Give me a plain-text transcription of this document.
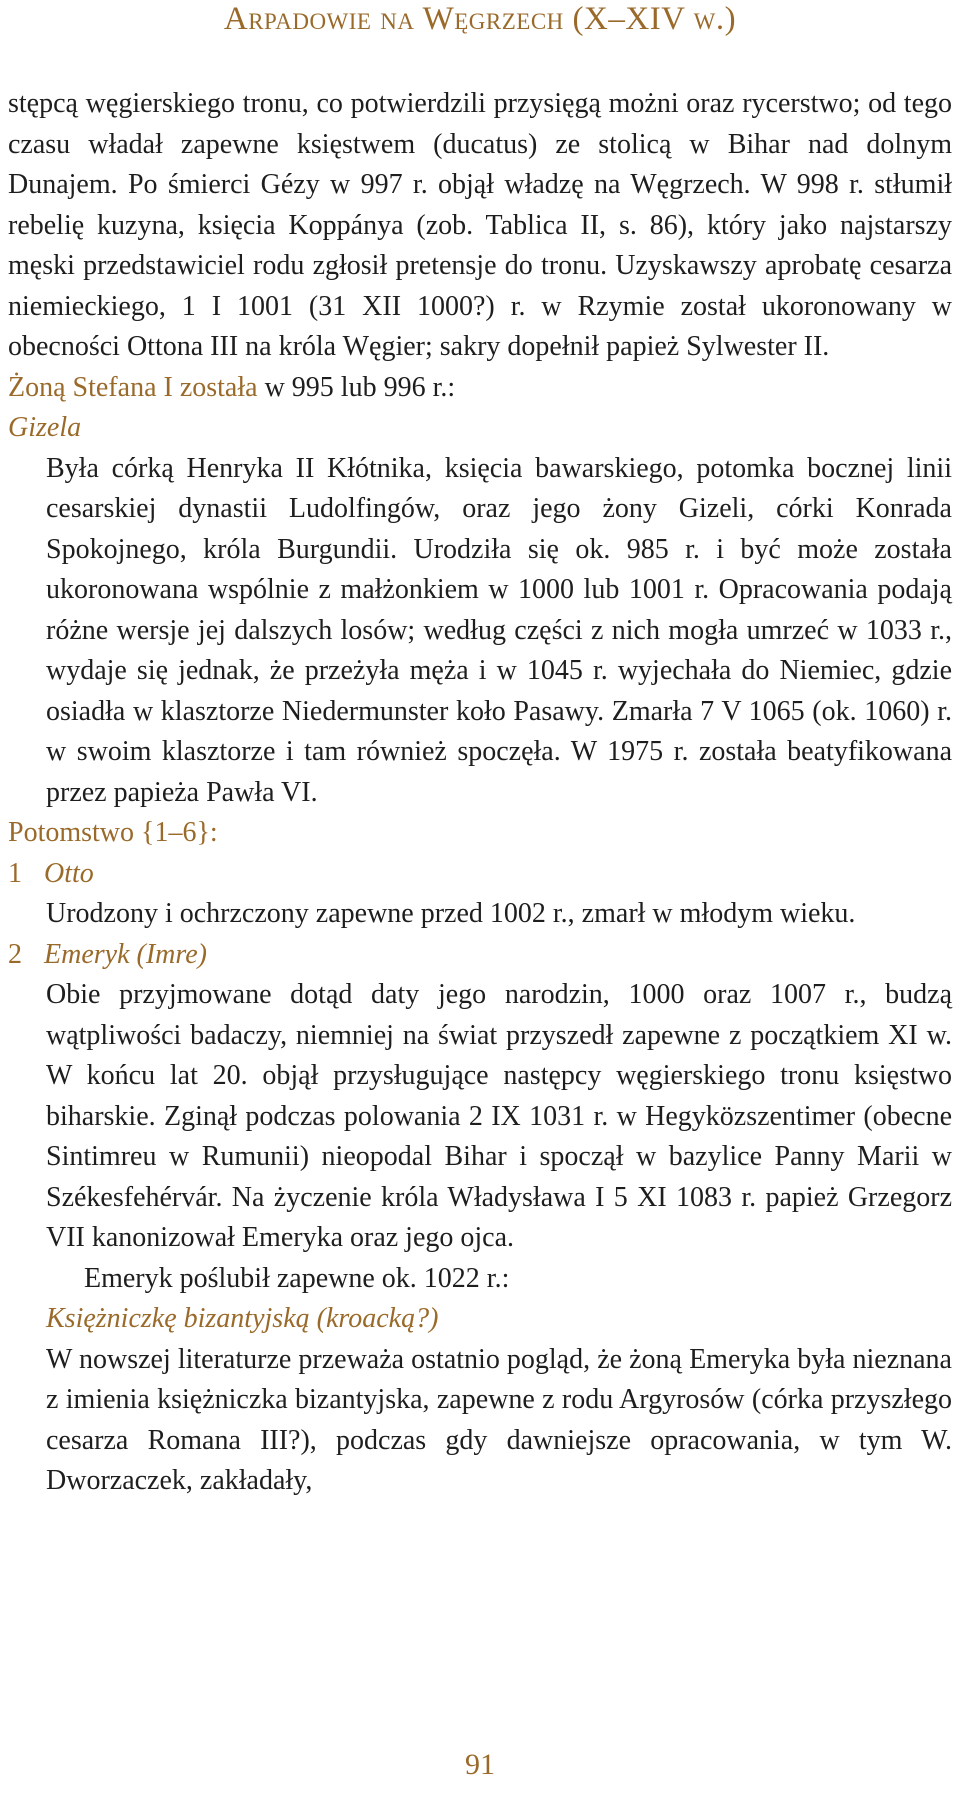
Arpadowie na Węgrzech (X–XIV w.)

stępcą węgierskiego tronu, co potwierdzili przysięgą możni oraz rycerstwo; od tego czasu władał zapewne księstwem (ducatus) ze stolicą w Bihar nad dolnym Dunajem. Po śmierci Gézy w 997 r. objął władzę na Węgrzech. W 998 r. stłumił rebelię kuzyna, księcia Koppánya (zob. Tablica II, s. 86), który jako najstarszy męski przedstawiciel rodu zgłosił pretensje do tronu. Uzyskawszy aprobatę cesarza niemieckiego, 1 I 1001 (31 XII 1000?) r. w Rzymie został ukoronowany w obecności Ottona III na króla Węgier; sakry dopełnił papież Sylwester II.

Żoną Stefana I została w 995 lub 996 r.:

Gizela

Była córką Henryka II Kłótnika, księcia bawarskiego, potomka bocznej linii cesarskiej dynastii Ludolfingów, oraz jego żony Gizeli, córki Konrada Spokojnego, króla Burgundii. Urodziła się ok. 985 r. i być może została ukoronowana wspólnie z małżonkiem w 1000 lub 1001 r. Opracowania podają różne wersje jej dalszych losów; według części z nich mogła umrzeć w 1033 r., wydaje się jednak, że przeżyła męża i w 1045 r. wyjechała do Niemiec, gdzie osiadła w klasztorze Niedermunster koło Pasawy. Zmarła 7 V 1065 (ok. 1060) r. w swoim klasztorze i tam również spoczęła. W 1975 r. została beatyfikowana przez papieża Pawła VI.

Potomstwo {1–6}:

1 Otto

Urodzony i ochrzczony zapewne przed 1002 r., zmarł w młodym wieku.

2 Emeryk (Imre)

Obie przyjmowane dotąd daty jego narodzin, 1000 oraz 1007 r., budzą wątpliwości badaczy, niemniej na świat przyszedł zapewne z początkiem XI w. W końcu lat 20. objął przysługujące następcy węgierskiego tronu księstwo biharskie. Zginął podczas polowania 2 IX 1031 r. w Hegyközszentimer (obecne Sintimreu w Rumunii) nieopodal Bihar i spoczął w bazylice Panny Marii w Székesfehérvár. Na życzenie króla Władysława I 5 XI 1083 r. papież Grzegorz VII kanonizował Emeryka oraz jego ojca.

Emeryk poślubił zapewne ok. 1022 r.:

Księżniczkę bizantyjską (kroacką?)

W nowszej literaturze przeważa ostatnio pogląd, że żoną Emeryka była nieznana z imienia księżniczka bizantyjska, zapewne z rodu Argyrosów (córka przyszłego cesarza Romana III?), podczas gdy dawniejsze opracowania, w tym W. Dworzaczek, zakładały,

91
